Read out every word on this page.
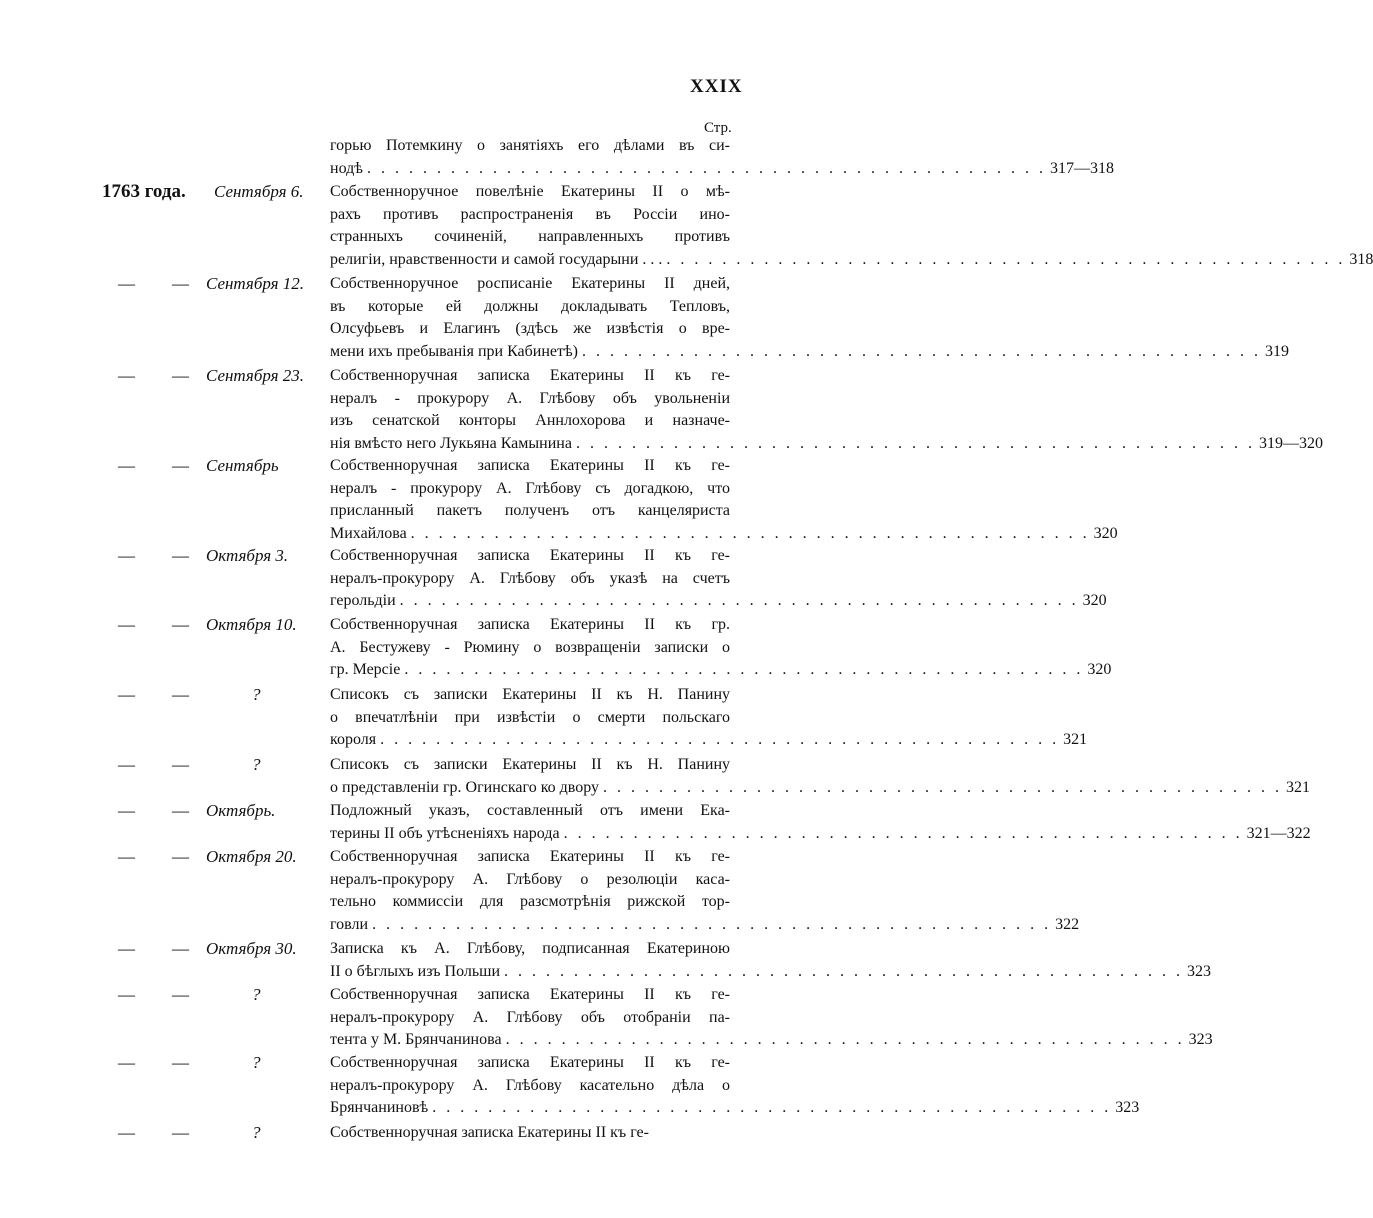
XXIX
Стр.
горью Потемкину о занятіяхъ его дѣлами въ си-
нодѣ . . . . . . . . . . . . . . . . . . . . . . . . . . . . . . . . . . . . . . . . . . . . . . . . . 317—318
1763 года. Сентября 6. Собственноручное повелѣніе Екатерины II о мѣ-
рахъ противъ распространенія въ Россіи ино-
странныхъ сочиненій, направленныхъ противъ
религіи, нравственности и самой государыни . . . . . . . . . . . . . . . . . . . . . . . . . . . . . . . . . . . . . . . . . . . . . . . . . . . . 318
— — Сентября 12. Собственноручное росписаніе Екатерины II дней,
въ которые ей должны докладывать Тепловъ,
Олсуфьевъ и Елагинъ (здѣсь же извѣстія о вре-
мени ихъ пребыванія при Кабинетѣ) . . . . . . . . . . . . . . . . . . . . . . . . . . . . . . . . . . . . . . . . . . . . . . . . . 319
— — Сентября 23. Собственноручная записка Екатерины II къ ге-
нералъ - прокурору А. Глѣбову объ увольненіи
изъ сенатской конторы Аннлохорова и назначе-
нія вмѣсто него Лукьяна Камынина . . . . . . . . . . . . . . . . . . . . . . . . . . . . . . . . . . . . . . . . . . . . . . . . . 319—320
— — Сентябрь	Собственноручная записка Екатерины II къ ге-
нералъ - прокурору А. Глѣбову съ догадкою, что
присланный пакетъ полученъ отъ канцеляриста
Михайлова . . . . . . . . . . . . . . . . . . . . . . . . . . . . . . . . . . . . . . . . . . . . . . . . . 320
— — Октября 3.	Собственноручная записка Екатерины II къ ге-
нералъ-прокурору А. Глѣбову объ указѣ на счетъ
герольдіи . . . . . . . . . . . . . . . . . . . . . . . . . . . . . . . . . . . . . . . . . . . . . . . . . 320
— — Октября 10. Собственноручная записка Екатерины II къ гр.
А. Бестужеву - Рюмину о возвращеніи записки о
гр. Мерсіе . . . . . . . . . . . . . . . . . . . . . . . . . . . . . . . . . . . . . . . . . . . . . . . . . 320
— —	?	Списокъ съ записки Екатерины II къ Н. Панину
о впечатлѣніи при извѣстіи о смерти польскаго
короля . . . . . . . . . . . . . . . . . . . . . . . . . . . . . . . . . . . . . . . . . . . . . . . . . 321
— —	?	Списокъ съ записки Екатерины II къ Н. Панину
о представленіи гр. Огинскаго ко двору . . . . . . . . . . . . . . . . . . . . . . . . . . . . . . . . . . . . . . . . . . . . . . . . . 321
— — Октябрь.	Подложный указъ, составленный отъ имени Ека-
терины II объ утѣсненіяхъ народа . . . . . . . . . . . . . . . . . . . . . . . . . . . . . . . . . . . . . . . . . . . . . . . . . 321—322
— — Октября 20. Собственноручная записка Екатерины II къ ге-
нералъ-прокурору А. Глѣбову о резолюціи каса-
тельно коммиссіи для разсмотрѣнія рижской тор-
говли . . . . . . . . . . . . . . . . . . . . . . . . . . . . . . . . . . . . . . . . . . . . . . . . . 322
— — Октября 30. Записка къ А. Глѣбову, подписанная Екатериною
II о бѣглыхъ изъ Польши . . . . . . . . . . . . . . . . . . . . . . . . . . . . . . . . . . . . . . . . . . . . . . . . . 323
— —	?	Собственноручная записка Екатерины II къ ге-
нералъ-прокурору А. Глѣбову объ отобраніи па-
тента у М. Брянчанинова . . . . . . . . . . . . . . . . . . . . . . . . . . . . . . . . . . . . . . . . . . . . . . . . . 323
— —	?	Собственноручная записка Екатерины II къ ге-
нералъ-прокурору А. Глѣбову касательно дѣла о
Брянчаниновѣ . . . . . . . . . . . . . . . . . . . . . . . . . . . . . . . . . . . . . . . . . . . . . . . . . 323
— —	?	Собственноручная записка Екатерины II къ ге-
